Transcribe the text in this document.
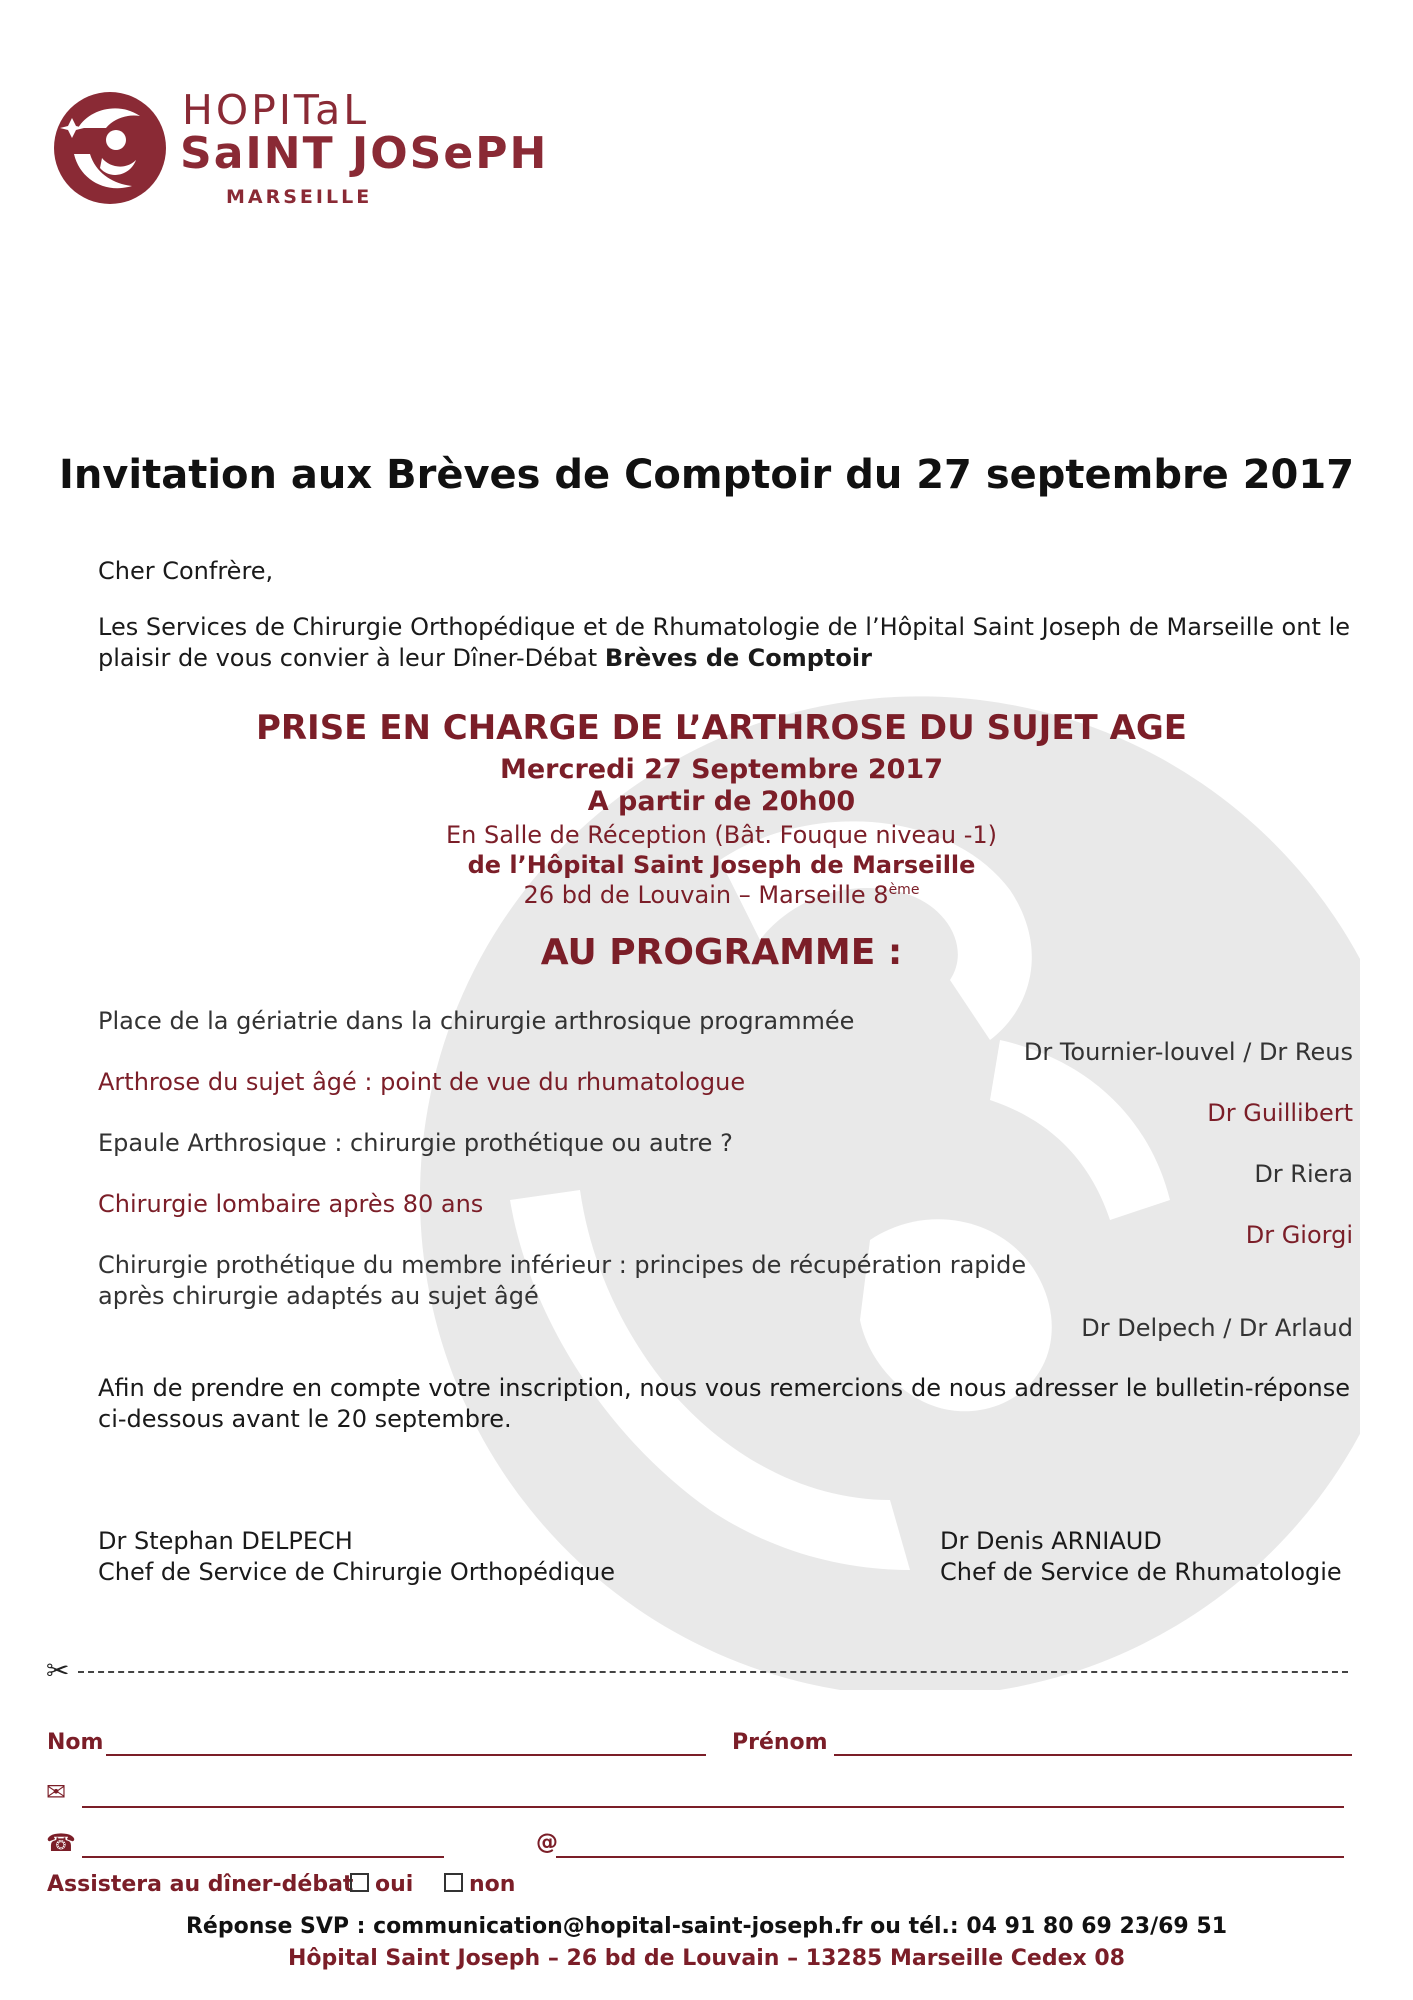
HOPITaL
SaINT JOSePH
MARSEILLE
Invitation aux Brèves de Comptoir du 27 septembre 2017
Cher Confrère,
Les Services de Chirurgie Orthopédique et de Rhumatologie de l’Hôpital Saint Joseph de Marseille ont le plaisir de vous convier à leur Dîner-Débat Brèves de Comptoir
PRISE EN CHARGE DE L’ARTHROSE DU SUJET AGE
Mercredi 27 Septembre 2017
A partir de 20h00
En Salle de Réception (Bât. Fouque niveau -1)
de l’Hôpital Saint Joseph de Marseille
26 bd de Louvain – Marseille 8ème
AU PROGRAMME :
Place de la gériatrie dans la chirurgie arthrosique programmée
Dr Tournier-louvel / Dr Reus
Arthrose du sujet âgé : point de vue du rhumatologue
Dr Guillibert
Epaule Arthrosique : chirurgie prothétique ou autre ?
Dr Riera
Chirurgie lombaire après 80 ans
Dr Giorgi
Chirurgie prothétique du membre inférieur : principes de récupération rapide
après chirurgie adaptés au sujet âgé
Dr Delpech / Dr Arlaud
Afin de prendre en compte votre inscription, nous vous remercions de nous adresser le bulletin-réponse ci-dessous avant le 20 septembre.
Dr Stephan DELPECH
Chef de Service de Chirurgie Orthopédique
Dr Denis ARNIAUD
Chef de Service de Rhumatologie
✂
Nom	Prénom
✉
☎	@
Assistera au dîner-débat oui	non
Réponse SVP : communication@hopital-saint-joseph.fr ou tél.: 04 91 80 69 23/69 51
Hôpital Saint Joseph – 26 bd de Louvain – 13285 Marseille Cedex 08
